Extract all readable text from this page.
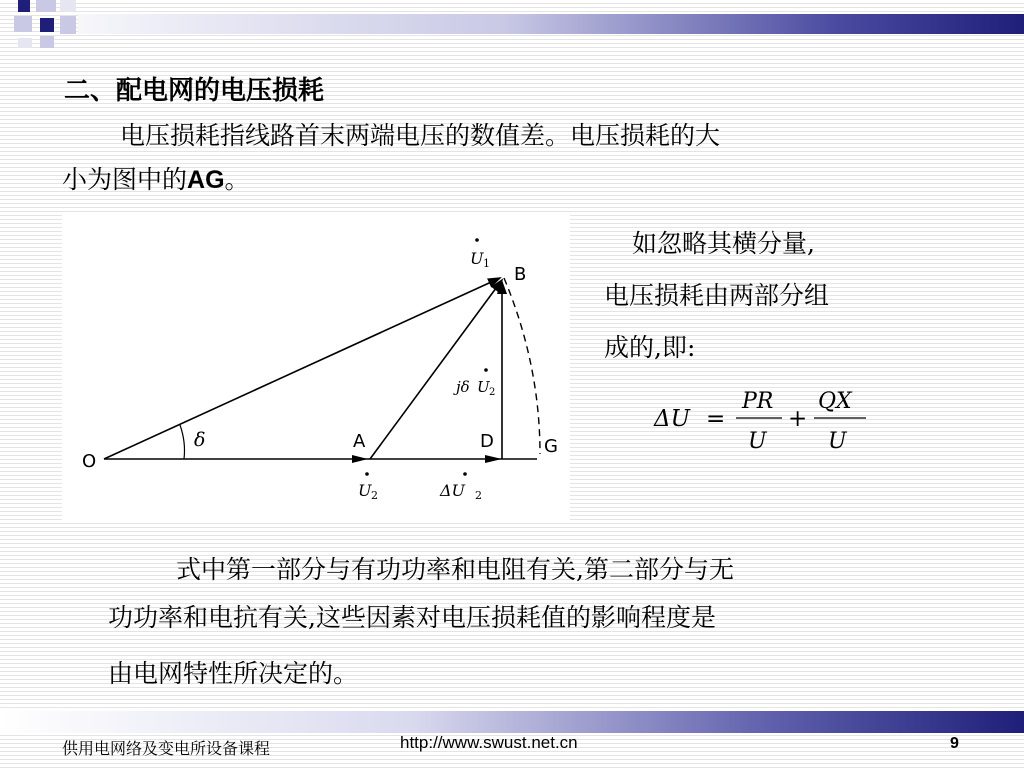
二、配电网的电压损耗
电压损耗指线路首末两端电压的数值差。电压损耗的大
小为图中的AG。
O
A	D	G
B
δ
U 1
U 2	ΔU 2
jδ U 2
如忽略其横分量,
电压损耗由两部分组
成的,即:
ΔU =
PR
U
+
QX
U
式中第一部分与有功功率和电阻有关,第二部分与无
功功率和电抗有关,这些因素对电压损耗值的影响程度是
由电网特性所决定的。
供用电网络及变电所设备课程	http://www.swust.net.cn	9
